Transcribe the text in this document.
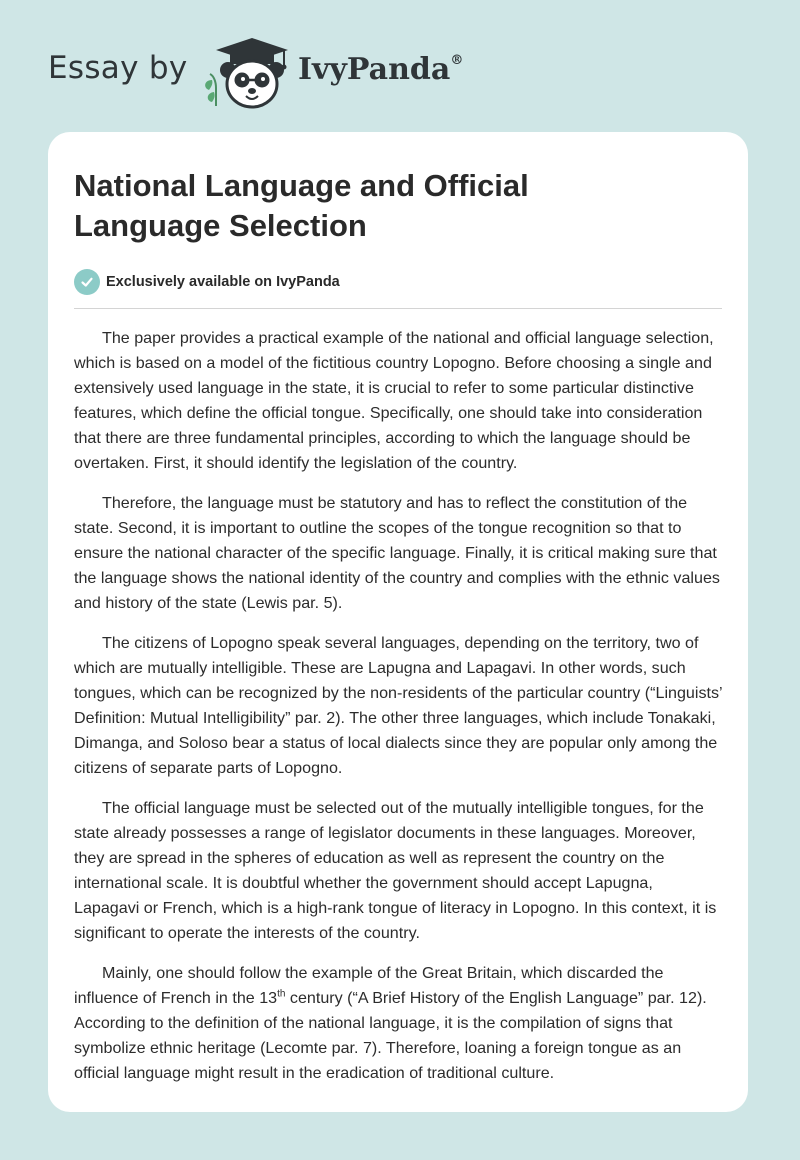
Essay by	IvyPanda®
National Language and Official Language Selection
Exclusively available on IvyPanda

The paper provides a practical example of the national and official language selection, which is based on a model of the fictitious country Lopogno. Before choosing a single and extensively used language in the state, it is crucial to refer to some particular distinctive features, which define the official tongue. Specifically, one should take into consideration that there are three fundamental principles, according to which the language should be overtaken. First, it should identify the legislation of the country.

Therefore, the language must be statutory and has to reflect the constitution of the state. Second, it is important to outline the scopes of the tongue recognition so that to ensure the national character of the specific language. Finally, it is critical making sure that the language shows the national identity of the country and complies with the ethnic values and history of the state (Lewis par. 5).

The citizens of Lopogno speak several languages, depending on the territory, two of which are mutually intelligible. These are Lapugna and Lapagavi. In other words, such tongues, which can be recognized by the non-residents of the particular country (“Linguists’ Definition: Mutual Intelligibility” par. 2). The other three languages, which include Tonakaki, Dimanga, and Soloso bear a status of local dialects since they are popular only among the citizens of separate parts of Lopogno.

The official language must be selected out of the mutually intelligible tongues, for the state already possesses a range of legislator documents in these languages. Moreover, they are spread in the spheres of education as well as represent the country on the international scale. It is doubtful whether the government should accept Lapugna, Lapagavi or French, which is a high-rank tongue of literacy in Lopogno. In this context, it is significant to operate the interests of the country.

Mainly, one should follow the example of the Great Britain, which discarded the influence of French in the 13th century (“A Brief History of the English Language” par. 12). According to the definition of the national language, it is the compilation of signs that symbolize ethnic heritage (Lecomte par. 7). Therefore, loaning a foreign tongue as an official language might result in the eradication of traditional culture.
